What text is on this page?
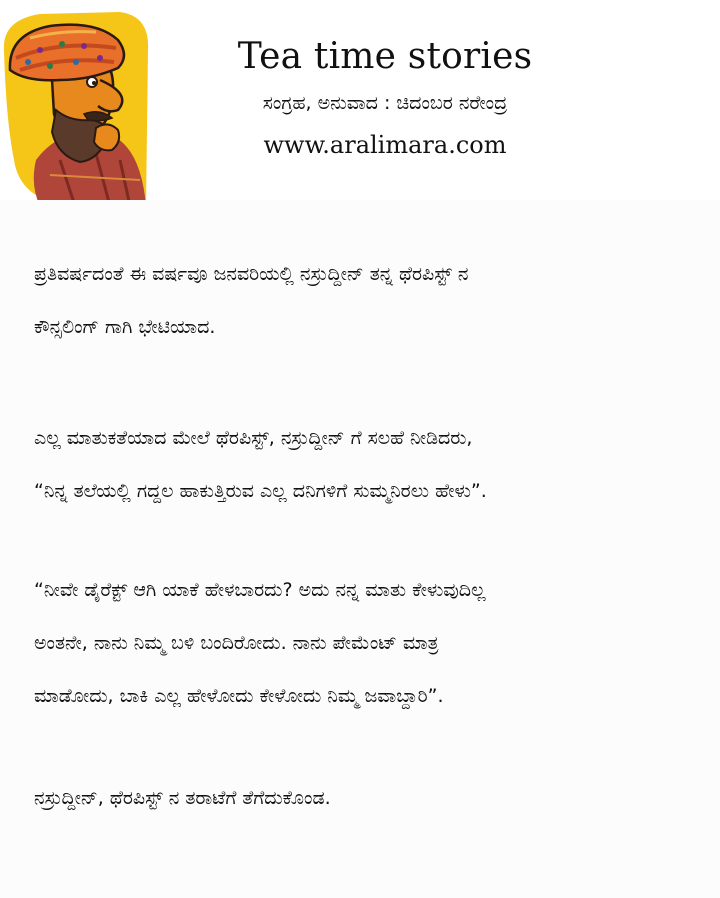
Tea time stories
ಸಂಗ್ರಹ, ಅನುವಾದ : ಚಿದಂಬರ ನರೇಂದ್ರ
www.aralimara.com
ಪ್ರತಿವರ್ಷದಂತೆ ಈ ವರ್ಷವೂ ಜನವರಿಯಲ್ಲಿ ನಸ್ರುದ್ದೀನ್ ತನ್ನ ಥೆರಪಿಸ್ಟ್ ನ
ಕೌನ್ಸಲಿಂಗ್ ಗಾಗಿ ಭೇಟಿಯಾದ.
ಎಲ್ಲ ಮಾತುಕತೆಯಾದ ಮೇಲೆ ಥೆರಪಿಸ್ಟ್, ನಸ್ರುದ್ದೀನ್ ಗೆ ಸಲಹೆ ನೀಡಿದರು,
“ನಿನ್ನ ತಲೆಯಲ್ಲಿ ಗದ್ದಲ ಹಾಕುತ್ತಿರುವ ಎಲ್ಲ ದನಿಗಳಿಗೆ ಸುಮ್ಮನಿರಲು ಹೇಳು”.
“ನೀವೇ ಡೈರೆಕ್ಟ್ ಆಗಿ ಯಾಕೆ ಹೇಳಬಾರದು? ಅದು ನನ್ನ ಮಾತು ಕೇಳುವುದಿಲ್ಲ
ಅಂತನೇ, ನಾನು ನಿಮ್ಮ ಬಳಿ ಬಂದಿರೋದು. ನಾನು ಪೇಮೆಂಟ್ ಮಾತ್ರ
ಮಾಡೋದು, ಬಾಕಿ ಎಲ್ಲ ಹೇಳೋದು ಕೇಳೋದು ನಿಮ್ಮ ಜವಾಬ್ದಾರಿ”.
ನಸ್ರುದ್ದೀನ್, ಥೆರಪಿಸ್ಟ್ ನ ತರಾಟೆಗೆ ತೆಗೆದುಕೊಂಡ.
